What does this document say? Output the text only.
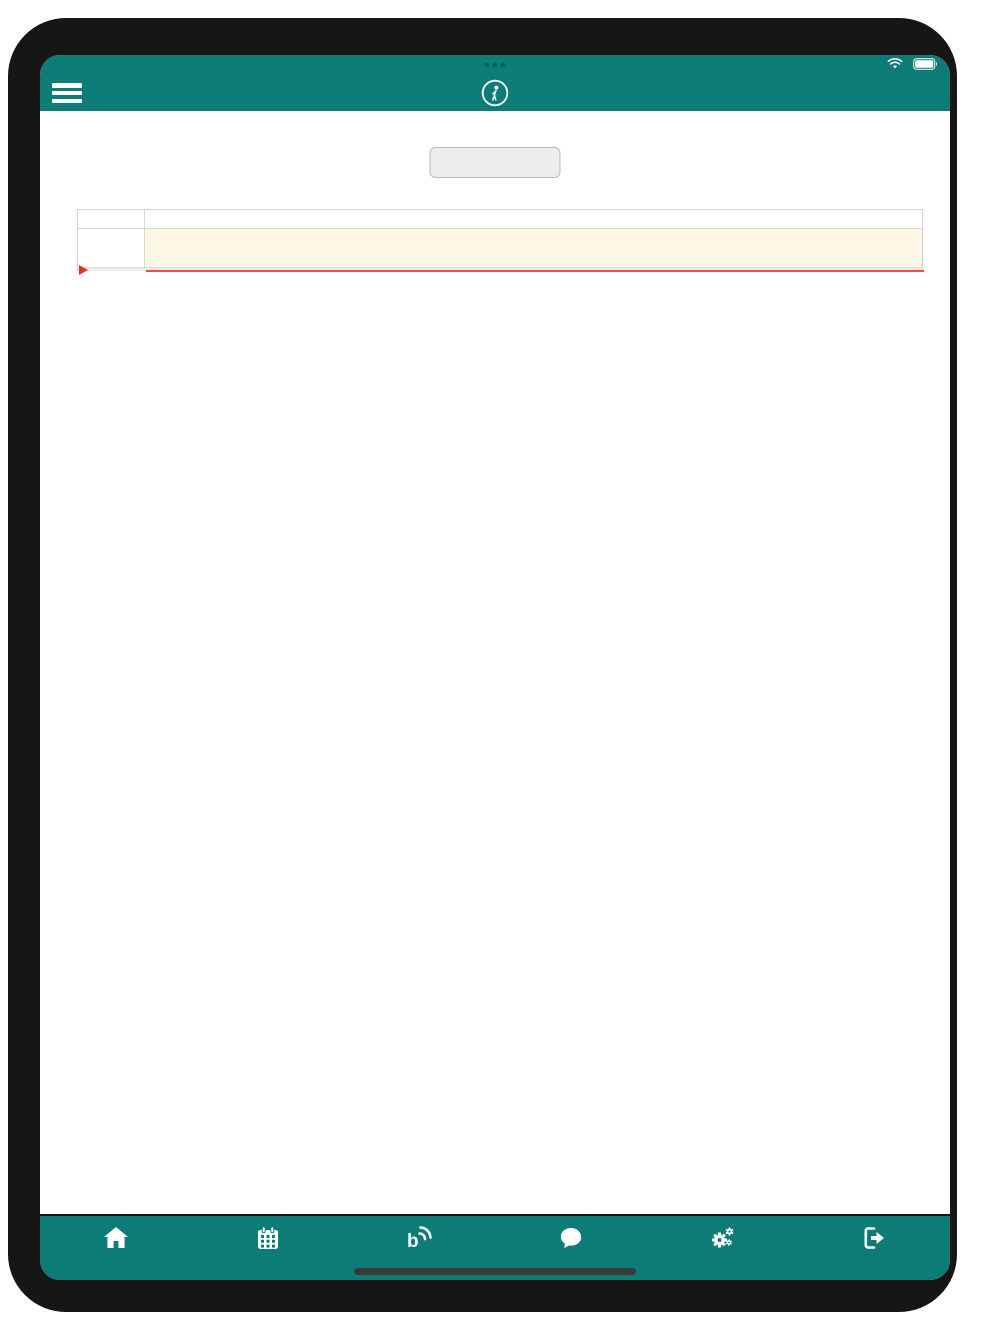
b
